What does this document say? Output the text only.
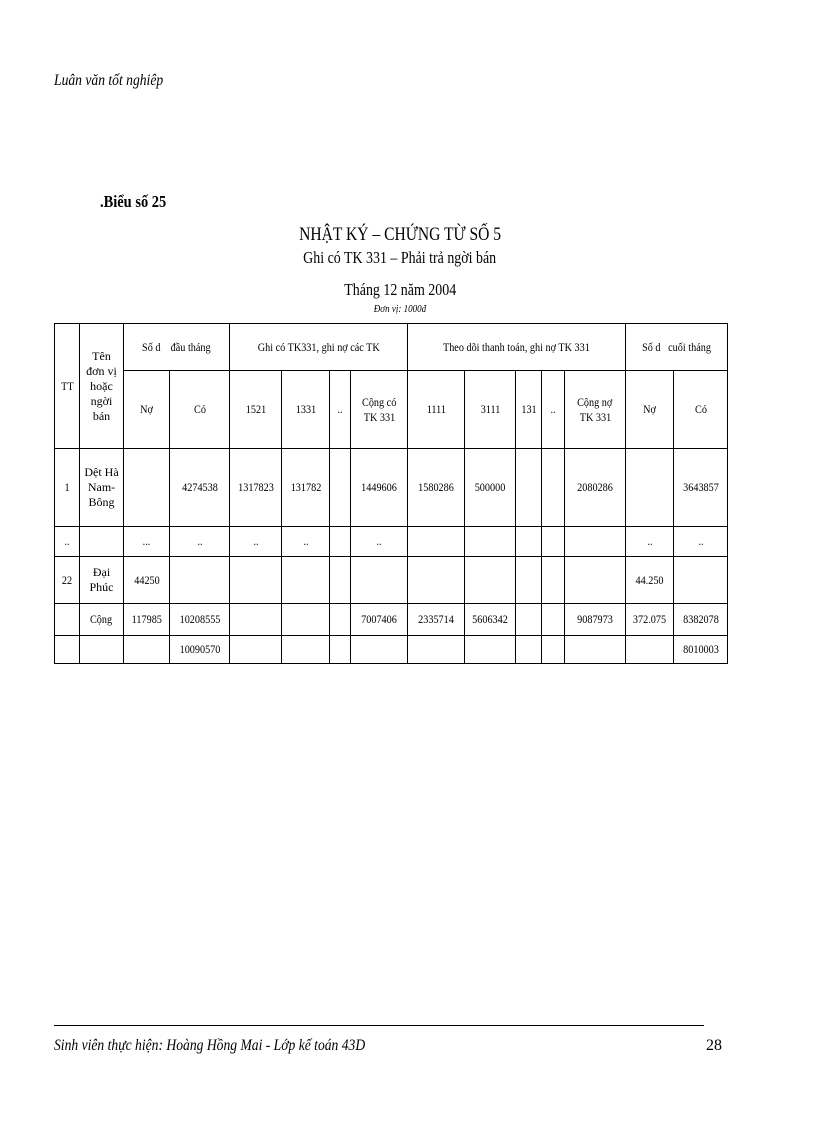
Luân văn tốt nghiêp
.Biểu số 25
NHẬT KÝ – CHỨNG TỪ SỐ 5
Ghi có TK 331 – Phải trả ngời bán
Tháng 12 năm 2004
Đơn vị: 1000đ
TT	Tên
đơn vị
hoặc
ngời
bán	Số d    đầu tháng		Ghi có TK331, ghi nợ các TK				Theo dõi thanh toán, ghi nợ TK 331					Số d   cuối tháng	
		Nợ	Có	1521	1331	..	Cộng có
TK 331	1111	3111	131	..	Cộng nợ
TK 331	Nợ	Có
1	Dệt Hà
Nam-
Bông		4274538	1317823	131782		1449606	1580286	500000			2080286		3643857
..		...	..	..	..		..						..	..
22	Đại
Phúc	44250											44.250	
	Cộng	117985	10208555				7007406	2335714	5606342			9087973	372.075	8382078
			10090570											8010003
Sinh viên thực hiện: Hoàng Hồng Mai - Lớp kế toán 43D	28
